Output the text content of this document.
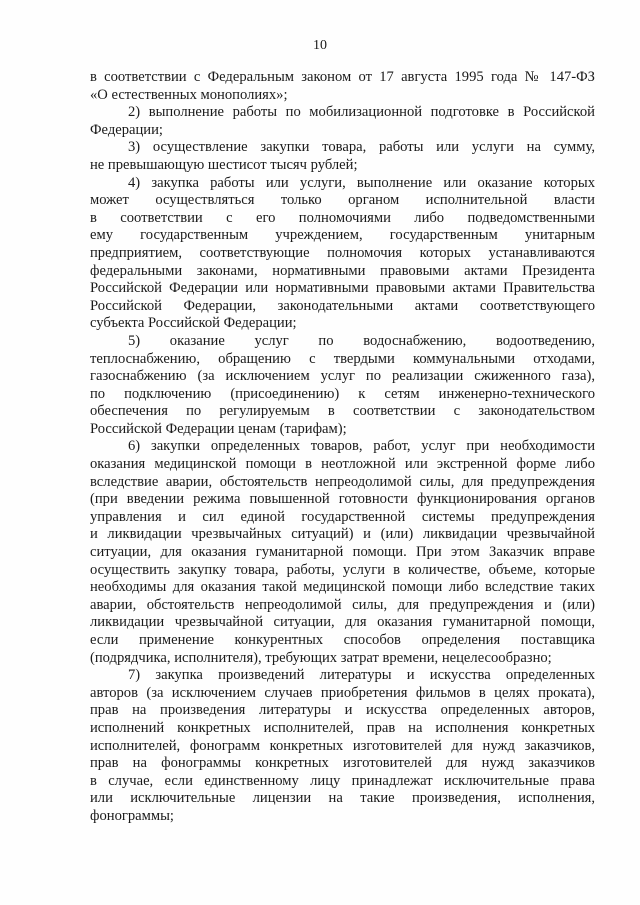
10
в соответствии с Федеральным законом от 17 августа 1995 года № 147-ФЗ
«О естественных монополиях»;
2) выполнение работы по мобилизационной подготовке в Российской
Федерации;
3) осуществление закупки товара, работы или услуги на сумму,
не превышающую шестисот тысяч рублей;
4) закупка работы или услуги, выполнение или оказание которых
может осуществляться только органом исполнительной власти
в соответствии с его полномочиями либо подведомственными
ему государственным учреждением, государственным унитарным
предприятием, соответствующие полномочия которых устанавливаются
федеральными законами, нормативными правовыми актами Президента
Российской Федерации или нормативными правовыми актами Правительства
Российской Федерации, законодательными актами соответствующего
субъекта Российской Федерации;
5) оказание услуг по водоснабжению, водоотведению,
теплоснабжению, обращению с твердыми коммунальными отходами,
газоснабжению (за исключением услуг по реализации сжиженного газа),
по подключению (присоединению) к сетям инженерно-технического
обеспечения по регулируемым в соответствии с законодательством
Российской Федерации ценам (тарифам);
6) закупки определенных товаров, работ, услуг при необходимости
оказания медицинской помощи в неотложной или экстренной форме либо
вследствие аварии, обстоятельств непреодолимой силы, для предупреждения
(при введении режима повышенной готовности функционирования органов
управления и сил единой государственной системы предупреждения
и ликвидации чрезвычайных ситуаций) и (или) ликвидации чрезвычайной
ситуации, для оказания гуманитарной помощи. При этом Заказчик вправе
осуществить закупку товара, работы, услуги в количестве, объеме, которые
необходимы для оказания такой медицинской помощи либо вследствие таких
аварии, обстоятельств непреодолимой силы, для предупреждения и (или)
ликвидации чрезвычайной ситуации, для оказания гуманитарной помощи,
если применение конкурентных способов определения поставщика
(подрядчика, исполнителя), требующих затрат времени, нецелесообразно;
7) закупка произведений литературы и искусства определенных
авторов (за исключением случаев приобретения фильмов в целях проката),
прав на произведения литературы и искусства определенных авторов,
исполнений конкретных исполнителей, прав на исполнения конкретных
исполнителей, фонограмм конкретных изготовителей для нужд заказчиков,
прав на фонограммы конкретных изготовителей для нужд заказчиков
в случае, если единственному лицу принадлежат исключительные права
или исключительные лицензии на такие произведения, исполнения,
фонограммы;
